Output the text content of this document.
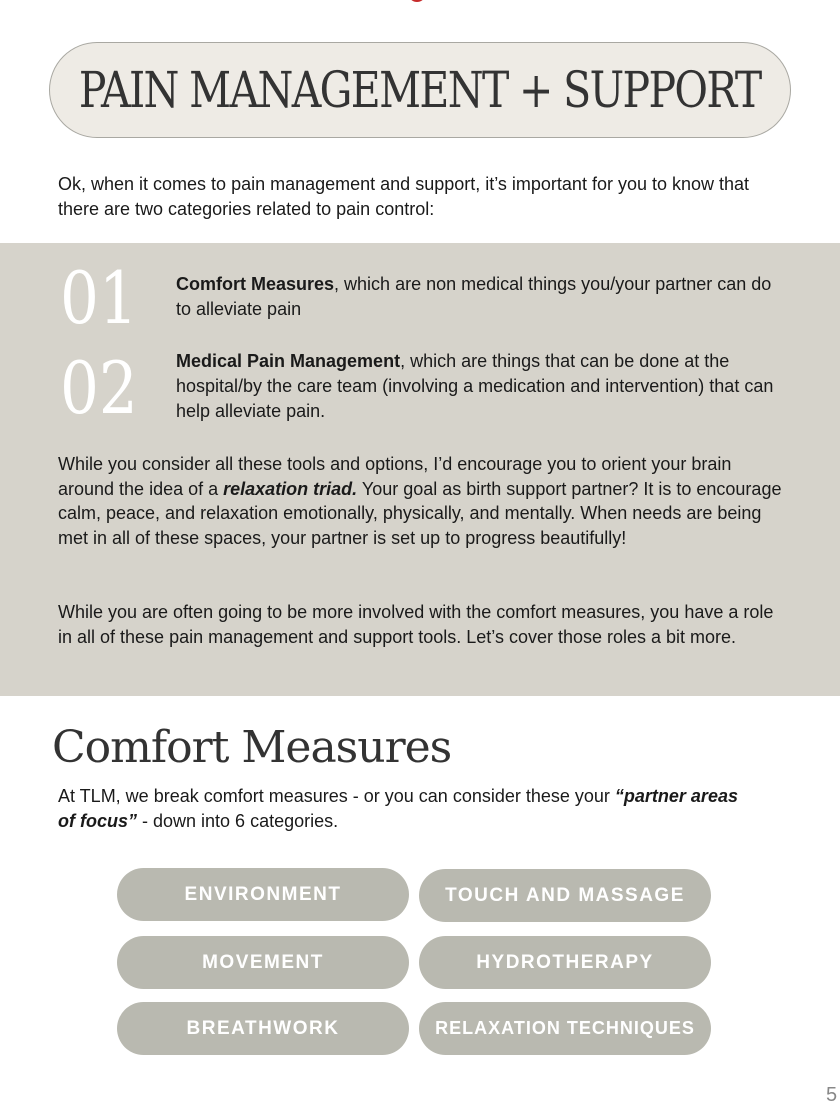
PAIN MANAGEMENT + SUPPORT

Ok, when it comes to pain management and support, it’s important for you to know that there are two categories related to pain control:

01 Comfort Measures, which are non medical things you/your partner can do to alleviate pain
02 Medical Pain Management, which are things that can be done at the hospital/by the care team (involving a medication and intervention) that can help alleviate pain.

While you consider all these tools and options, I’d encourage you to orient your brain around the idea of a relaxation triad. Your goal as birth support partner? It is to encourage calm, peace, and relaxation emotionally, physically, and mentally. When needs are being met in all of these spaces, your partner is set up to progress beautifully!

While you are often going to be more involved with the comfort measures, you have a role in all of these pain management and support tools. Let’s cover those roles a bit more.

Comfort Measures

At TLM, we break comfort measures - or you can consider these your “partner areas of focus” - down into 6 categories.

ENVIRONMENT	TOUCH AND MASSAGE
MOVEMENT	HYDROTHERAPY
BREATHWORK	RELAXATION TECHNIQUES
5
